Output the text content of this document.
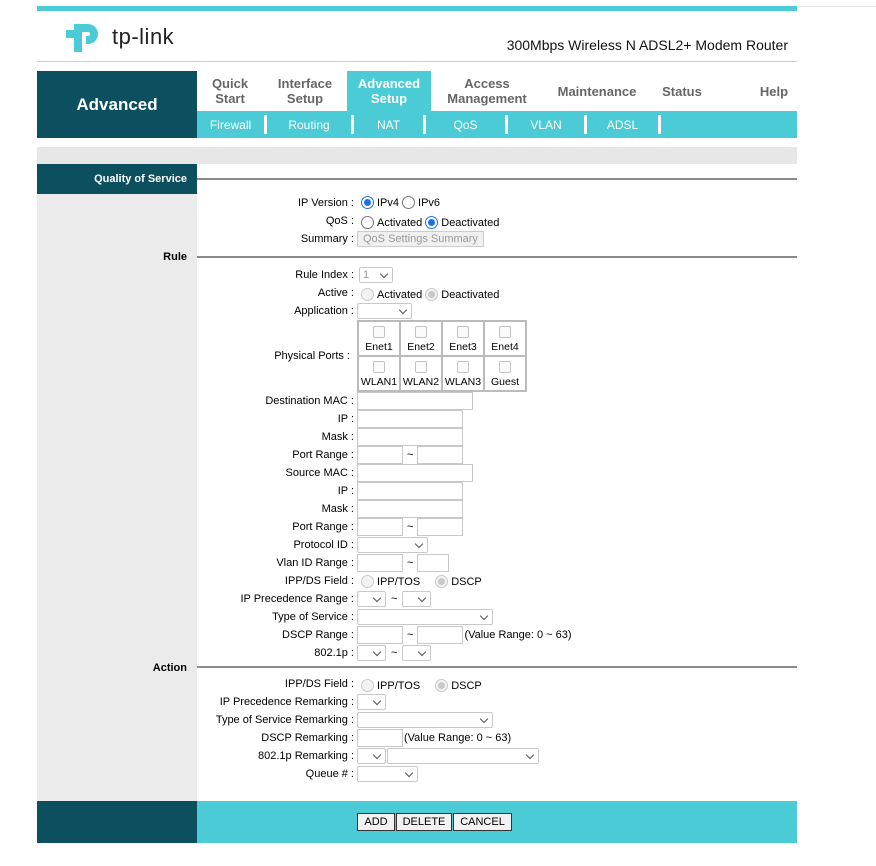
tp-link	300Mbps Wireless N ADSL2+ Modem Router
Advanced
Quick
Start
Interface
Setup
Advanced
Setup
Access
Management	Maintenance	Status	Help
Firewall	Routing	NAT	QoS	VLAN	ADSL
Quality of Service
IP Version : IPv4 IPv6
QoS : Activated Deactivated
Summary : QoS Settings Summary
Rule
Rule Index : 1
Active : Activated Deactivated
Application :
Physical Ports :
Enet1	Enet2	Enet3	Enet4
WLAN1 WLAN2 WLAN3 Guest
Destination MAC :
IP :
Mask :
Port Range :	~
Source MAC :
IP :
Mask :
Port Range :	~
Protocol ID :
Vlan ID Range :	~
IPP/DS Field : IPP/TOS	DSCP
IP Precedence Range :	~
Type of Service :
DSCP Range :	~	(Value Range: 0 ~ 63)
802.1p :	~
Action
IPP/DS Field : IPP/TOS	DSCP
IP Precedence Remarking :
Type of Service Remarking :
DSCP Remarking :	(Value Range: 0 ~ 63)
802.1p Remarking :
Queue # :
ADD	DELETE	CANCEL
